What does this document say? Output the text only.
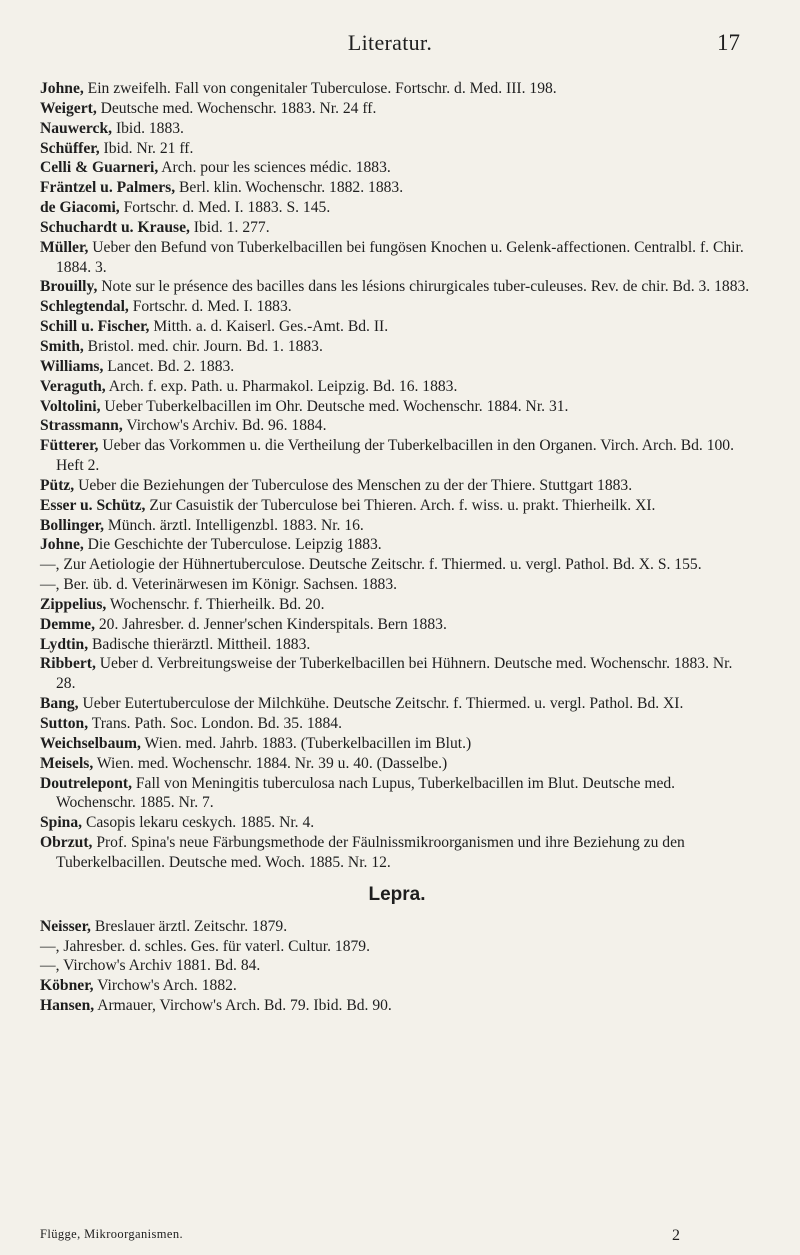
Literatur.	17
Johne, Ein zweifelh. Fall von congenitaler Tuberculose. Fortschr. d. Med. III. 198.
Weigert, Deutsche med. Wochenschr. 1883. Nr. 24 ff.
Nauwerck, Ibid. 1883.
Schüffer, Ibid. Nr. 21 ff.
Celli & Guarneri, Arch. pour les sciences médic. 1883.
Fräntzel u. Palmers, Berl. klin. Wochenschr. 1882. 1883.
de Giacomi, Fortschr. d. Med. I. 1883. S. 145.
Schuchardt u. Krause, Ibid. 1. 277.
Müller, Ueber den Befund von Tuberkelbacillen bei fungösen Knochen u. Gelenk-affectionen. Centralbl. f. Chir. 1884. 3.
Brouilly, Note sur le présence des bacilles dans les lésions chirurgicales tuber-culeuses. Rev. de chir. Bd. 3. 1883.
Schlegtendal, Fortschr. d. Med. I. 1883.
Schill u. Fischer, Mitth. a. d. Kaiserl. Ges.-Amt. Bd. II.
Smith, Bristol. med. chir. Journ. Bd. 1. 1883.
Williams, Lancet. Bd. 2. 1883.
Veraguth, Arch. f. exp. Path. u. Pharmakol. Leipzig. Bd. 16. 1883.
Voltolini, Ueber Tuberkelbacillen im Ohr. Deutsche med. Wochenschr. 1884. Nr. 31.
Strassmann, Virchow's Archiv. Bd. 96. 1884.
Fütterer, Ueber das Vorkommen u. die Vertheilung der Tuberkelbacillen in den Organen. Virch. Arch. Bd. 100. Heft 2.
Pütz, Ueber die Beziehungen der Tuberculose des Menschen zu der der Thiere. Stuttgart 1883.
Esser u. Schütz, Zur Casuistik der Tuberculose bei Thieren. Arch. f. wiss. u. prakt. Thierheilk. XI.
Bollinger, Münch. ärztl. Intelligenzbl. 1883. Nr. 16.
Johne, Die Geschichte der Tuberculose. Leipzig 1883.
—, Zur Aetiologie der Hühnertuberculose. Deutsche Zeitschr. f. Thiermed. u. vergl. Pathol. Bd. X. S. 155.
—, Ber. üb. d. Veterinärwesen im Königr. Sachsen. 1883.
Zippelius, Wochenschr. f. Thierheilk. Bd. 20.
Demme, 20. Jahresber. d. Jenner'schen Kinderspitals. Bern 1883.
Lydtin, Badische thierärztl. Mittheil. 1883.
Ribbert, Ueber d. Verbreitungsweise der Tuberkelbacillen bei Hühnern. Deutsche med. Wochenschr. 1883. Nr. 28.
Bang, Ueber Eutertuberculose der Milchkühe. Deutsche Zeitschr. f. Thiermed. u. vergl. Pathol. Bd. XI.
Sutton, Trans. Path. Soc. London. Bd. 35. 1884.
Weichselbaum, Wien. med. Jahrb. 1883. (Tuberkelbacillen im Blut.)
Meisels, Wien. med. Wochenschr. 1884. Nr. 39 u. 40. (Dasselbe.)
Doutrelepont, Fall von Meningitis tuberculosa nach Lupus, Tuberkelbacillen im Blut. Deutsche med. Wochenschr. 1885. Nr. 7.
Spina, Casopis lekaru ceskych. 1885. Nr. 4.
Obrzut, Prof. Spina's neue Färbungsmethode der Fäulnissmikroorganismen und ihre Beziehung zu den Tuberkelbacillen. Deutsche med. Woch. 1885. Nr. 12.
Lepra.
Neisser, Breslauer ärztl. Zeitschr. 1879.
—, Jahresber. d. schles. Ges. für vaterl. Cultur. 1879.
—, Virchow's Archiv 1881. Bd. 84.
Köbner, Virchow's Arch. 1882.
Hansen, Armauer, Virchow's Arch. Bd. 79. Ibid. Bd. 90.
Flügge, Mikroorganismen.	2
